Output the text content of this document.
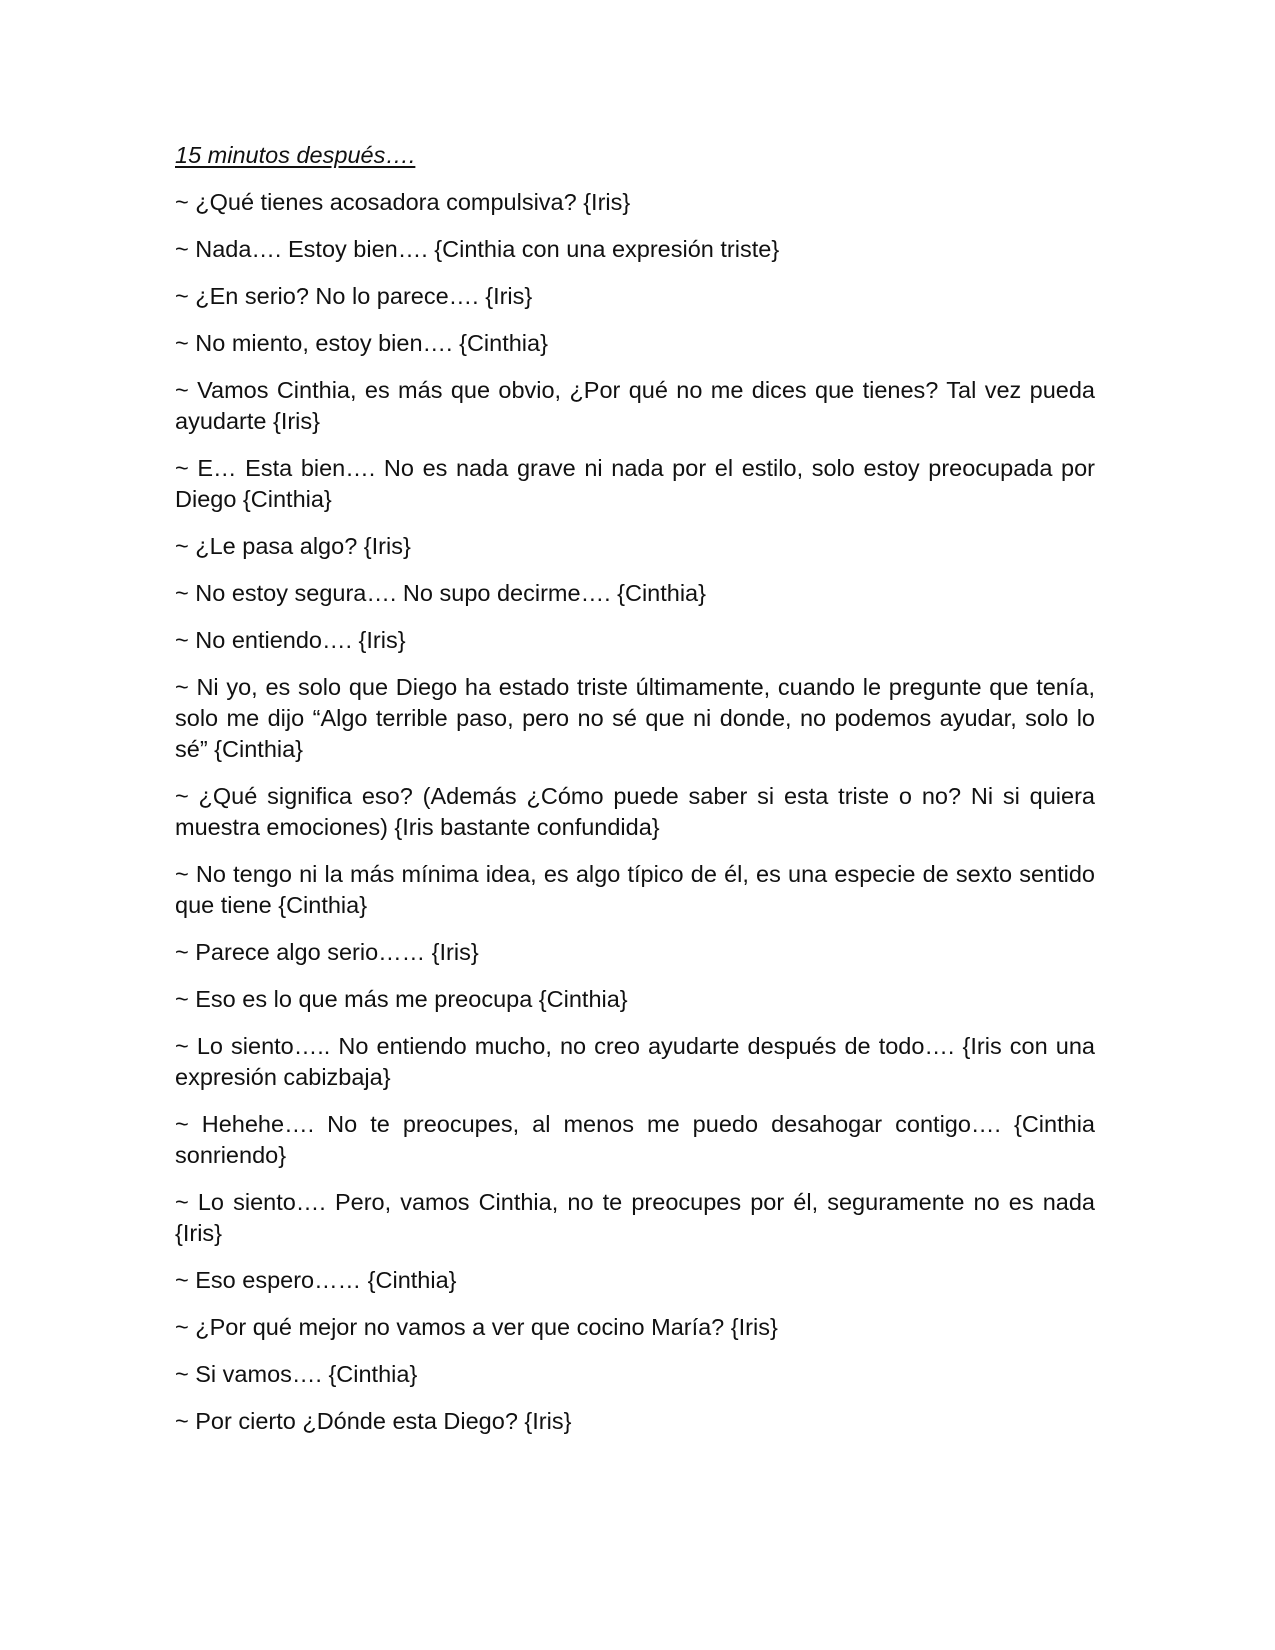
15 minutos después….

~ ¿Qué tienes acosadora compulsiva? {Iris}

~ Nada…. Estoy bien…. {Cinthia con una expresión triste}

~ ¿En serio? No lo parece…. {Iris}

~ No miento, estoy bien…. {Cinthia}

~ Vamos Cinthia, es más que obvio, ¿Por qué no me dices que tienes? Tal vez pueda ayudarte {Iris}

~ E… Esta bien…. No es nada grave ni nada por el estilo, solo estoy preocupada por Diego {Cinthia}

~ ¿Le pasa algo? {Iris}

~ No estoy segura…. No supo decirme…. {Cinthia}

~ No entiendo…. {Iris}

~ Ni yo, es solo que Diego ha estado triste últimamente, cuando le pregunte que tenía, solo me dijo “Algo terrible paso, pero no sé que ni donde, no podemos ayudar, solo lo sé” {Cinthia}

~ ¿Qué significa eso? (Además ¿Cómo puede saber si esta triste o no? Ni si quiera muestra emociones) {Iris bastante confundida}

~ No tengo ni la más mínima idea, es algo típico de él, es una especie de sexto sentido que tiene {Cinthia}

~ Parece algo serio…… {Iris}

~ Eso es lo que más me preocupa {Cinthia}

~ Lo siento….. No entiendo mucho, no creo ayudarte después de todo…. {Iris con una expresión cabizbaja}

~ Hehehe…. No te preocupes, al menos me puedo desahogar contigo…. {Cinthia sonriendo}

~ Lo siento…. Pero, vamos Cinthia, no te preocupes por él, seguramente no es nada {Iris}

~ Eso espero…… {Cinthia}

~ ¿Por qué mejor no vamos a ver que cocino María? {Iris}

~ Si vamos…. {Cinthia}

~ Por cierto ¿Dónde esta Diego? {Iris}
